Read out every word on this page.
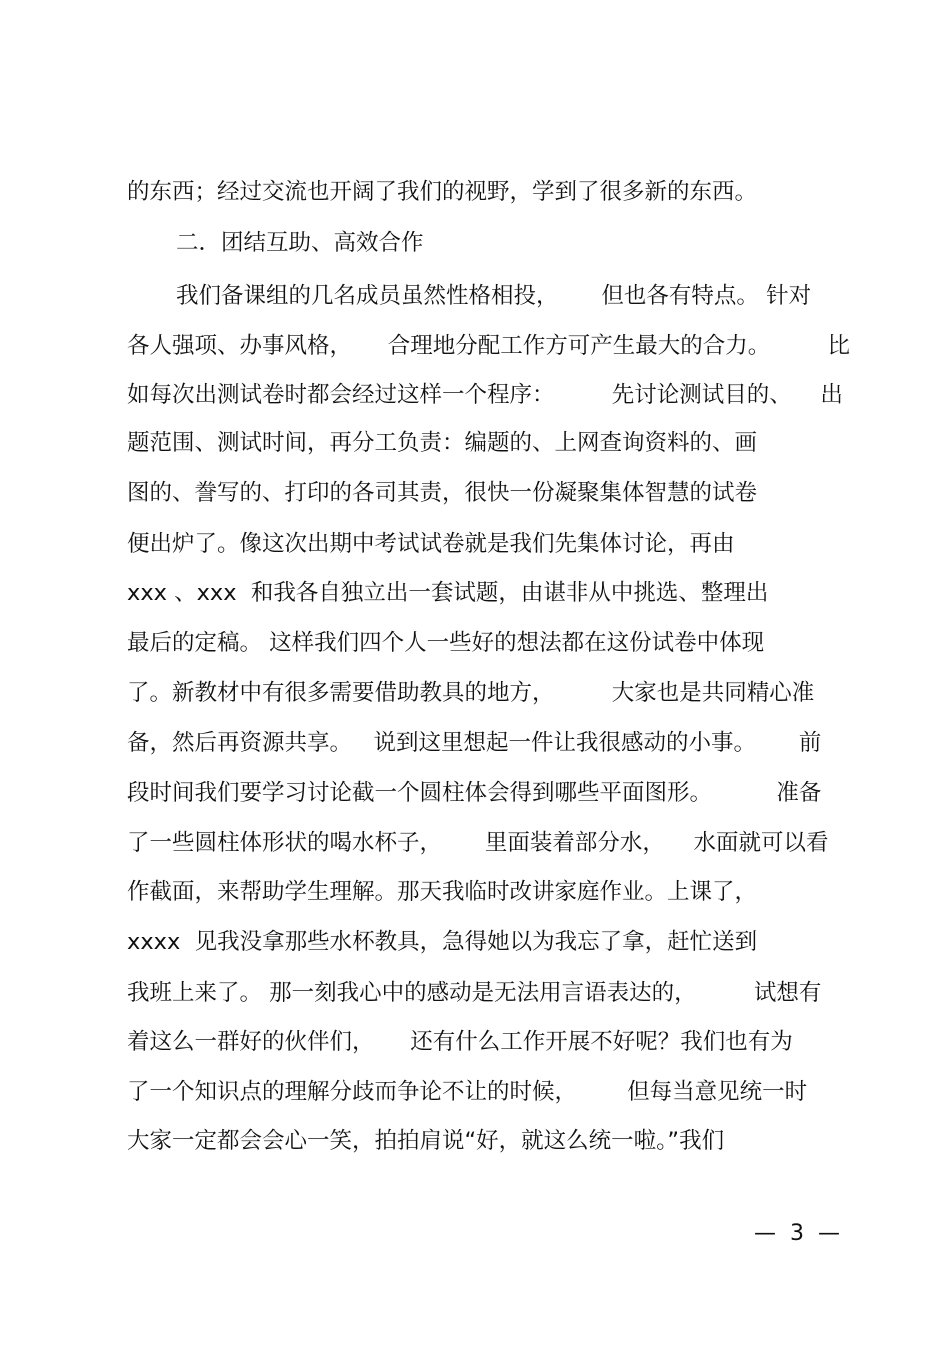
的东西；经过交流也开阔了我们的视野，学到了很多新的东西。
二．团结互助、高效合作
我们备课组的几名成员虽然性格相投，      但也各有特点。 针对
各人强项、办事风格，     合理地分配工作方可产生最大的合力。        比
如每次出测试卷时都会经过这样一个程序：        先讨论测试目的、    出
题范围、测试时间，再分工负责：编题的、上网查询资料的、画
图的、誊写的、打印的各司其责，很快一份凝聚集体智慧的试卷
便出炉了。像这次出期中考试试卷就是我们先集体讨论，再由
xxx 、xxx  和我各自独立出一套试题，由谌非从中挑选、整理出
最后的定稿。 这样我们四个人一些好的想法都在这份试卷中体现
了。新教材中有很多需要借助教具的地方，        大家也是共同精心准
备，然后再资源共享。   说到这里想起一件让我很感动的小事。      前
段时间我们要学习讨论截一个圆柱体会得到哪些平面图形。         准备
了一些圆柱体形状的喝水杯子，      里面装着部分水，    水面就可以看
作截面，来帮助学生理解。那天我临时改讲家庭作业。上课了，
xxxx  见我没拿那些水杯教具，急得她以为我忘了拿，赶忙送到
我班上来了。 那一刻我心中的感动是无法用言语表达的，        试想有
着这么一群好的伙伴们，     还有什么工作开展不好呢？我们也有为
了一个知识点的理解分歧而争论不让的时候，       但每当意见统一时
大家一定都会会心一笑，拍拍肩说“好，就这么统一啦。”我们
—  3  —
